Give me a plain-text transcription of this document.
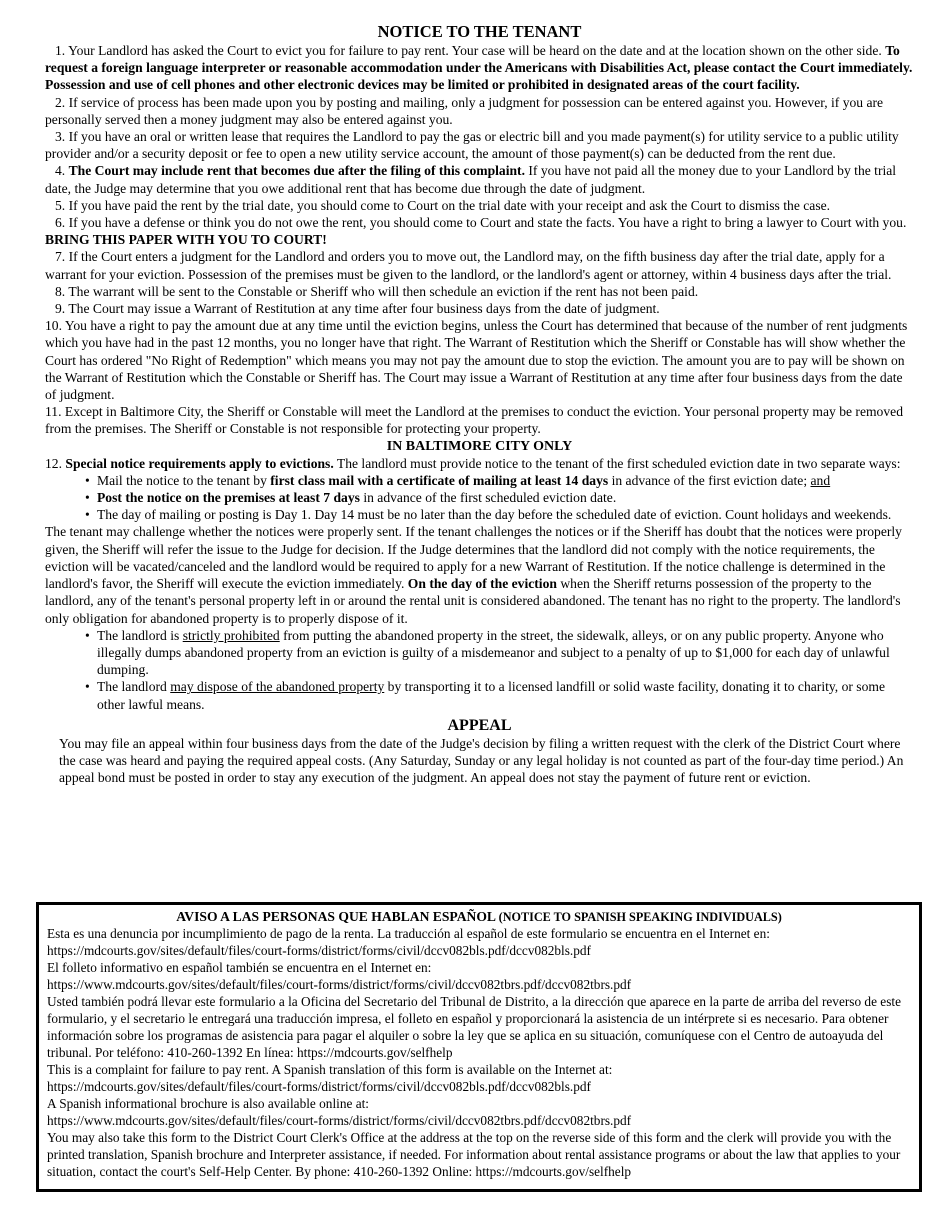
NOTICE TO THE TENANT

1. Your Landlord has asked the Court to evict you for failure to pay rent. Your case will be heard on the date and at the location shown on the other side. To request a foreign language interpreter or reasonable accommodation under the Americans with Disabilities Act, please contact the Court immediately. Possession and use of cell phones and other electronic devices may be limited or prohibited in designated areas of the court facility.

2. If service of process has been made upon you by posting and mailing, only a judgment for possession can be entered against you. However, if you are personally served then a money judgment may also be entered against you.

3. If you have an oral or written lease that requires the Landlord to pay the gas or electric bill and you made payment(s) for utility service to a public utility provider and/or a security deposit or fee to open a new utility service account, the amount of those payment(s) can be deducted from the rent due.

4. The Court may include rent that becomes due after the filing of this complaint. If you have not paid all the money due to your Landlord by the trial date, the Judge may determine that you owe additional rent that has become due through the date of judgment.

5. If you have paid the rent by the trial date, you should come to Court on the trial date with your receipt and ask the Court to dismiss the case.

6. If you have a defense or think you do not owe the rent, you should come to Court and state the facts. You have a right to bring a lawyer to Court with you. BRING THIS PAPER WITH YOU TO COURT!

7. If the Court enters a judgment for the Landlord and orders you to move out, the Landlord may, on the fifth business day after the trial date, apply for a warrant for your eviction. Possession of the premises must be given to the landlord, or the landlord's agent or attorney, within 4 business days after the trial.

8. The warrant will be sent to the Constable or Sheriff who will then schedule an eviction if the rent has not been paid.

9. The Court may issue a Warrant of Restitution at any time after four business days from the date of judgment.

10. You have a right to pay the amount due at any time until the eviction begins, unless the Court has determined that because of the number of rent judgments which you have had in the past 12 months, you no longer have that right. The Warrant of Restitution which the Sheriff or Constable has will show whether the Court has ordered "No Right of Redemption" which means you may not pay the amount due to stop the eviction. The amount you are to pay will be shown on the Warrant of Restitution which the Constable or Sheriff has. The Court may issue a Warrant of Restitution at any time after four business days from the date of judgment.

11. Except in Baltimore City, the Sheriff or Constable will meet the Landlord at the premises to conduct the eviction. Your personal property may be removed from the premises. The Sheriff or Constable is not responsible for protecting your property.

IN BALTIMORE CITY ONLY

12. Special notice requirements apply to evictions. The landlord must provide notice to the tenant of the first scheduled eviction date in two separate ways:

• Mail the notice to the tenant by first class mail with a certificate of mailing at least 14 days in advance of the first eviction date; and
• Post the notice on the premises at least 7 days in advance of the first scheduled eviction date.
• The day of mailing or posting is Day 1. Day 14 must be no later than the day before the scheduled date of eviction. Count holidays and weekends.

The tenant may challenge whether the notices were properly sent. If the tenant challenges the notices or if the Sheriff has doubt that the notices were properly given, the Sheriff will refer the issue to the Judge for decision. If the Judge determines that the landlord did not comply with the notice requirements, the eviction will be vacated/canceled and the landlord would be required to apply for a new Warrant of Restitution. If the notice challenge is determined in the landlord's favor, the Sheriff will execute the eviction immediately. On the day of the eviction when the Sheriff returns possession of the property to the landlord, any of the tenant's personal property left in or around the rental unit is considered abandoned. The tenant has no right to the property. The landlord's only obligation for abandoned property is to properly dispose of it.

• The landlord is strictly prohibited from putting the abandoned property in the street, the sidewalk, alleys, or on any public property. Anyone who illegally dumps abandoned property from an eviction is guilty of a misdemeanor and subject to a penalty of up to $1,000 for each day of unlawful dumping.
• The landlord may dispose of the abandoned property by transporting it to a licensed landfill or solid waste facility, donating it to charity, or some other lawful means.
APPEAL

You may file an appeal within four business days from the date of the Judge's decision by filing a written request with the clerk of the District Court where the case was heard and paying the required appeal costs. (Any Saturday, Sunday or any legal holiday is not counted as part of the four-day time period.) An appeal bond must be posted in order to stay any execution of the judgment. An appeal does not stay the payment of future rent or eviction.

AVISO A LAS PERSONAS QUE HABLAN ESPAÑOL (NOTICE TO SPANISH SPEAKING INDIVIDUALS)

Esta es una denuncia por incumplimiento de pago de la renta. La traducción al español de este formulario se encuentra en el Internet en:

https://mdcourts.gov/sites/default/files/court-forms/district/forms/civil/dccv082bls.pdf/dccv082bls.pdf

El folleto informativo en español también se encuentra en el Internet en:

https://www.mdcourts.gov/sites/default/files/court-forms/district/forms/civil/dccv082tbrs.pdf/dccv082tbrs.pdf

Usted también podrá llevar este formulario a la Oficina del Secretario del Tribunal de Distrito, a la dirección que aparece en la parte de arriba del reverso de este formulario, y el secretario le entregará una traducción impresa, el folleto en español y proporcionará la asistencia de un intérprete si es necesario. Para obtener información sobre los programas de asistencia para pagar el alquiler o sobre la ley que se aplica en su situación, comuníquese con el Centro de autoayuda del tribunal. Por teléfono: 410-260-1392 En línea: https://mdcourts.gov/selfhelp

This is a complaint for failure to pay rent. A Spanish translation of this form is available on the Internet at:

https://mdcourts.gov/sites/default/files/court-forms/district/forms/civil/dccv082bls.pdf/dccv082bls.pdf

A Spanish informational brochure is also available online at:

https://www.mdcourts.gov/sites/default/files/court-forms/district/forms/civil/dccv082tbrs.pdf/dccv082tbrs.pdf

You may also take this form to the District Court Clerk's Office at the address at the top on the reverse side of this form and the clerk will provide you with the printed translation, Spanish brochure and Interpreter assistance, if needed. For information about rental assistance programs or about the law that applies to your situation, contact the court's Self-Help Center. By phone: 410-260-1392 Online: https://mdcourts.gov/selfhelp
